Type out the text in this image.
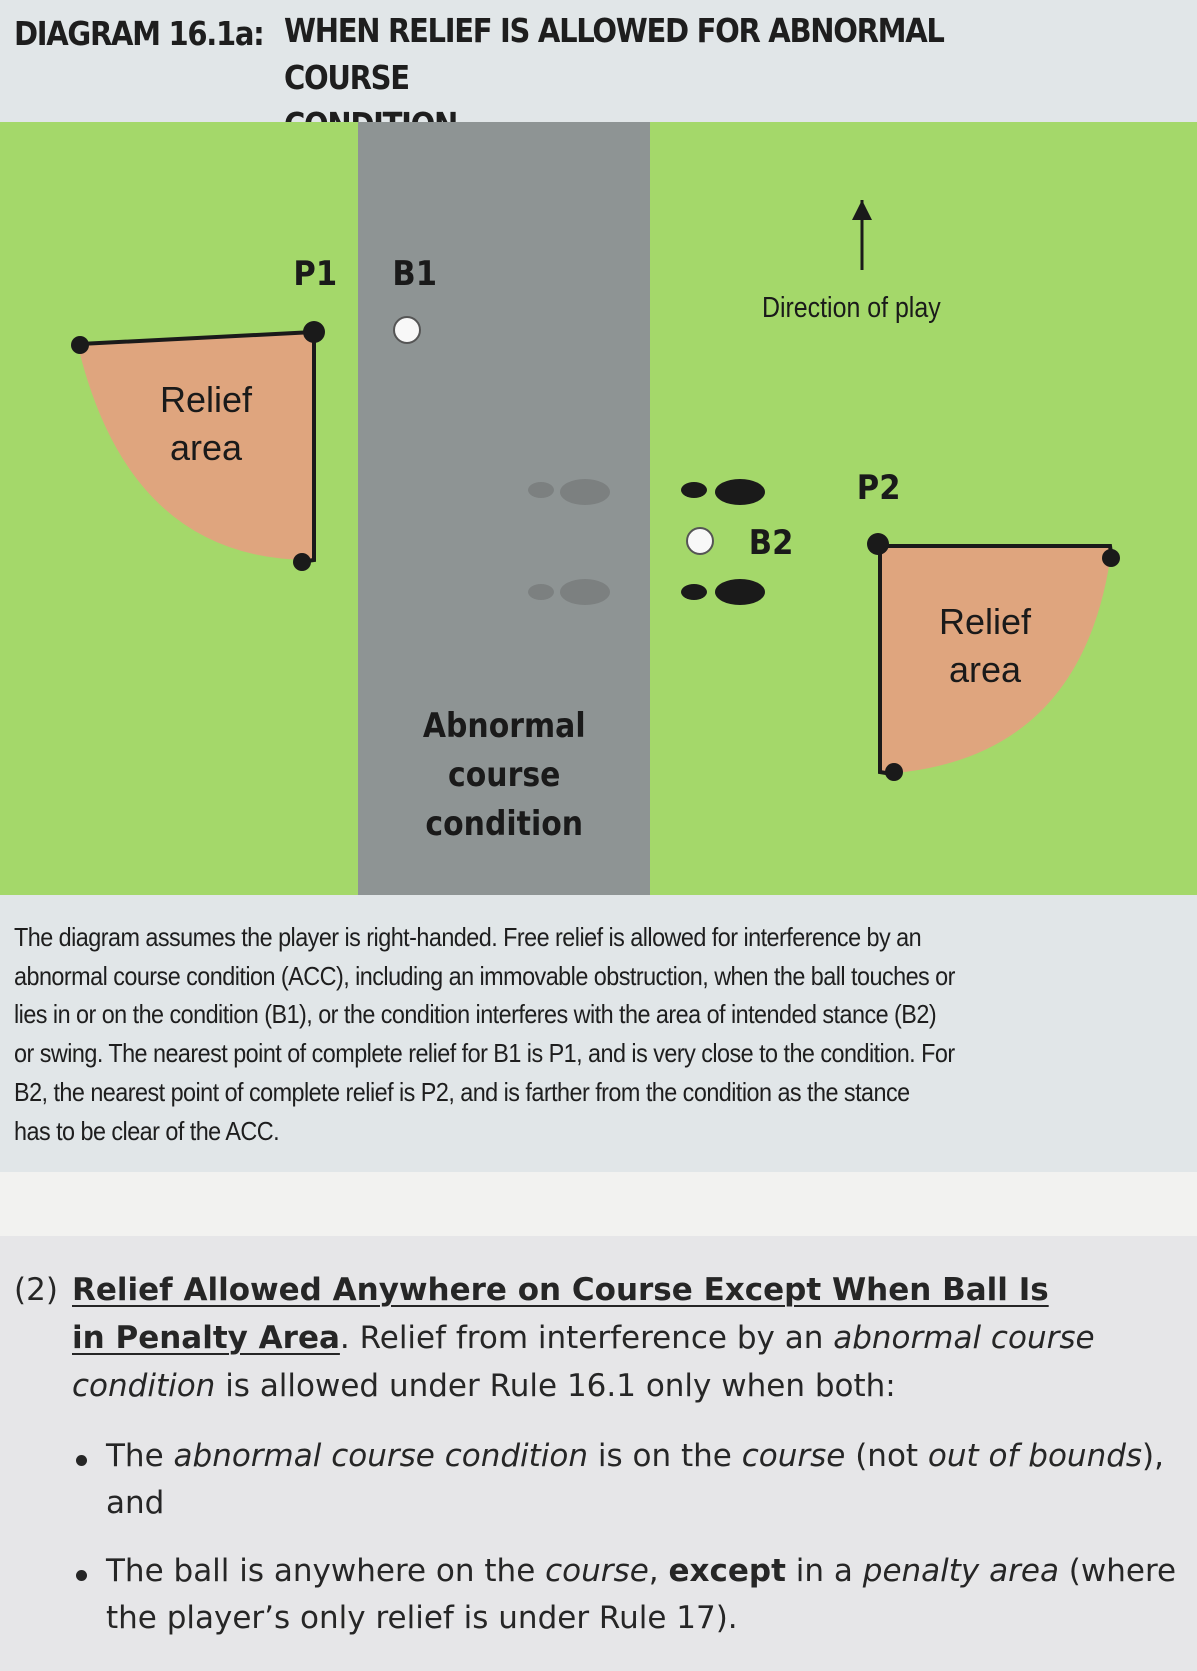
DIAGRAM 16.1a: WHEN RELIEF IS ALLOWED FOR ABNORMAL COURSE
P1 B1
P2
B2
Direction of play
Relief
area
Relief
area
Abnormal
course
condition
The diagram assumes the player is right-handed. Free relief is allowed for interference by an
abnormal course condition (ACC), including an immovable obstruction, when the ball touches or
lies in or on the condition (B1), or the condition interferes with the area of intended stance (B2)
or swing. The nearest point of complete relief for B1 is P1, and is very close to the condition. For
B2, the nearest point of complete relief is P2, and is farther from the condition as the stance
has to be clear of the ACC.
(2) Relief Allowed Anywhere on Course Except When Ball Is
in Penalty Area. Relief from interference by an abnormal course
condition is allowed under Rule 16.1 only when both:
The abnormal course condition is on the course (not out of bounds),
and
The ball is anywhere on the course, except in a penalty area (where
the player’s only relief is under Rule 17).
